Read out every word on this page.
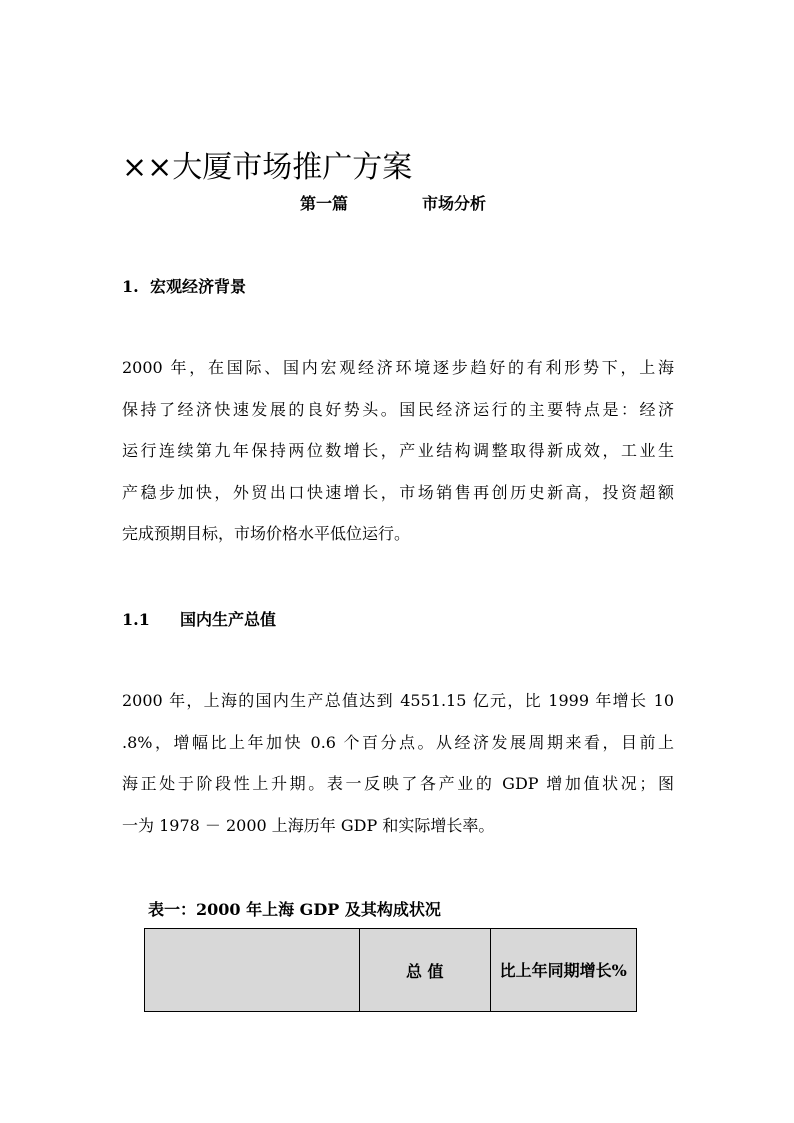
××大厦市场推广方案
第一篇	市场分析
1. 宏观经济背景
2000 年，在国际、国内宏观经济环境逐步趋好的有利形势下，上海
保持了经济快速发展的良好势头。国民经济运行的主要特点是：经济
运行连续第九年保持两位数增长，产业结构调整取得新成效，工业生
产稳步加快，外贸出口快速增长，市场销售再创历史新高，投资超额
完成预期目标，市场价格水平低位运行。
1.1 国内生产总值
2000 年，上海的国内生产总值达到 4551.15 亿元，比 1999 年增长 10
.8%，增幅比上年加快 0.6 个百分点。从经济发展周期来看，目前上
海正处于阶段性上升期。表一反映了各产业的 GDP 增加值状况；图
一为 1978 － 2000 上海历年 GDP 和实际增长率。
表一：2000 年上海 GDP 及其构成状况
	总 值	比上年同期增长%
